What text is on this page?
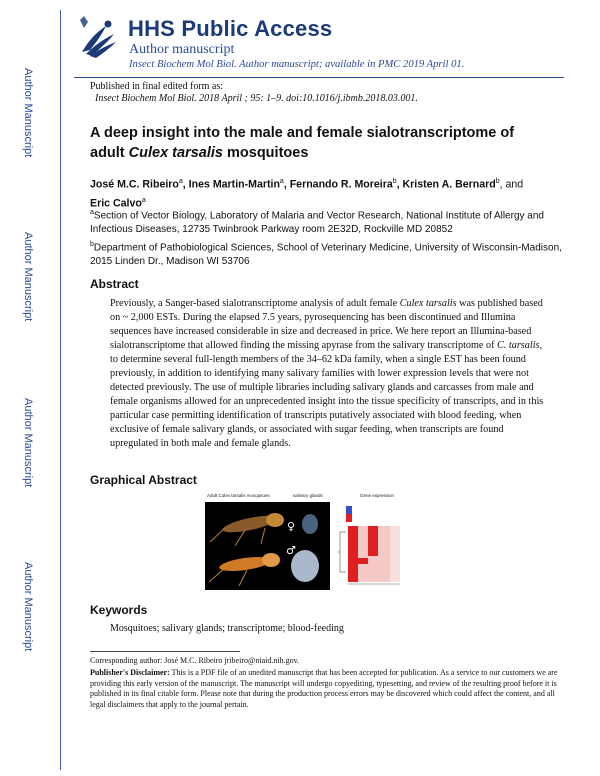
HHS Public Access
Author manuscript
Insect Biochem Mol Biol. Author manuscript; available in PMC 2019 April 01.
Author Manuscript
Author Manuscript
Author Manuscript
Author Manuscript
Published in final edited form as:
Insect Biochem Mol Biol. 2018 April ; 95: 1–9. doi:10.1016/j.ibmb.2018.03.001.
A deep insight into the male and female sialotranscriptome of
adult Culex tarsalis mosquitoes
José M.C. Ribeiro$^a$, Ines Martin-Martin$^a$, Fernando R. Moreira$^b$, Kristen A. Bernard$^b$, and
Eric Calvo$^a$
$^a$Section of Vector Biology, Laboratory of Malaria and Vector Research, National Institute of Allergy and Infectious Diseases, 12735 Twinbrook Parkway room 2E32D, Rockville MD 20852
$^b$Department of Pathobiological Sciences, School of Veterinary Medicine, University of Wisconsin-Madison, 2015 Linden Dr., Madison WI 53706
Abstract
Previously, a Sanger-based sialotranscriptome analysis of adult female Culex tarsalis was published based on ~ 2,000 ESTs. During the elapsed 7.5 years, pyrosequencing has been discontinued and Illumina sequences have increased considerable in size and decreased in price. We here report an Illumina-based sialotranscriptome that allowed finding the missing apyrase from the salivary transcriptome of C. tarsalis, to determine several full-length members of the 34–62 kDa family, when a single EST has been found previously, in addition to identifying many salivary families with lower expression levels that were not detected previously. The use of multiple libraries including salivary glands and carcasses from male and female organisms allowed for an unprecedented insight into the tissue specificity of transcripts, and in this particular case permitting identification of transcripts putatively associated with blood feeding, when exclusive of female salivary glands, or associated with sugar feeding, when transcripts are found upregulated in both male and female glands.
Graphical Abstract
Adult Culex tarsalis mosquitoes	salivary glands	Gene expression
♀
♂
Keywords
Mosquitoes; salivary glands; transcriptome; blood-feeding
Corresponding author: José M.C. Ribeiro jribeiro@niaid.nih.gov.
Publisher's Disclaimer: This is a PDF file of an unedited manuscript that has been accepted for publication. As a service to our customers we are providing this early version of the manuscript. The manuscript will undergo copyediting, typesetting, and review of the resulting proof before it is published in its final citable form. Please note that during the production process errors may be discovered which could affect the content, and all legal disclaimers that apply to the journal pertain.
